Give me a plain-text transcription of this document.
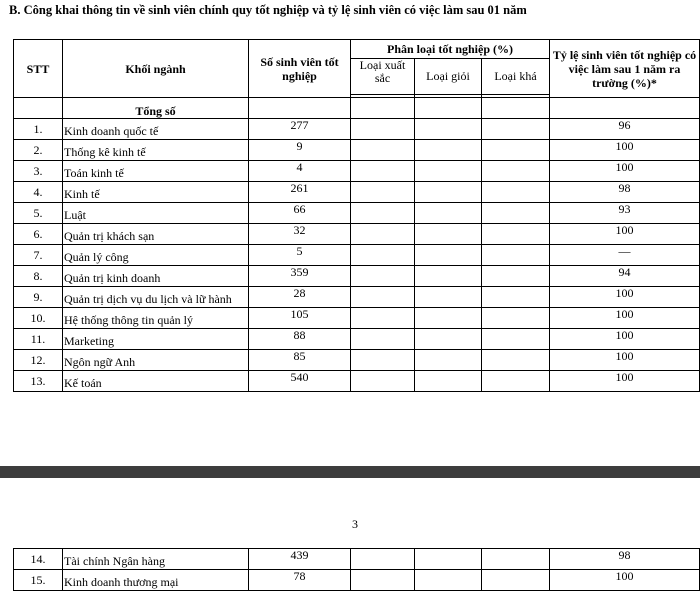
B. Công khai thông tin về sinh viên chính quy tốt nghiệp và tỷ lệ sinh viên có việc làm sau 01 năm
STT	Khối ngành	Số sinh viên tốt nghiệp	Phân loại tốt nghiệp (%)			Tỷ lệ sinh viên tốt nghiệp có việc làm sau 1 năm ra trường (%)*
			Loại xuất sắc	Loại giỏi	Loại khá	

	Tổng số					
1.	Kinh doanh quốc tế	277				96
2.	Thống kê kinh tế	9				100
3.	Toán kinh tế	4				100
4.	Kinh tế	261				98
5.	Luật	66				93
6.	Quản trị khách sạn	32				100
7.	Quản lý công	5				—
8.	Quản trị kinh doanh	359				94
9.	Quản trị dịch vụ du lịch và lữ hành	28				100
10.	Hệ thống thông tin quản lý	105				100
11.	Marketing	88				100
12.	Ngôn ngữ Anh	85				100
13.	Kế toán	540				100
3
14.	Tài chính Ngân hàng	439				98
15.	Kinh doanh thương mại	78				100
